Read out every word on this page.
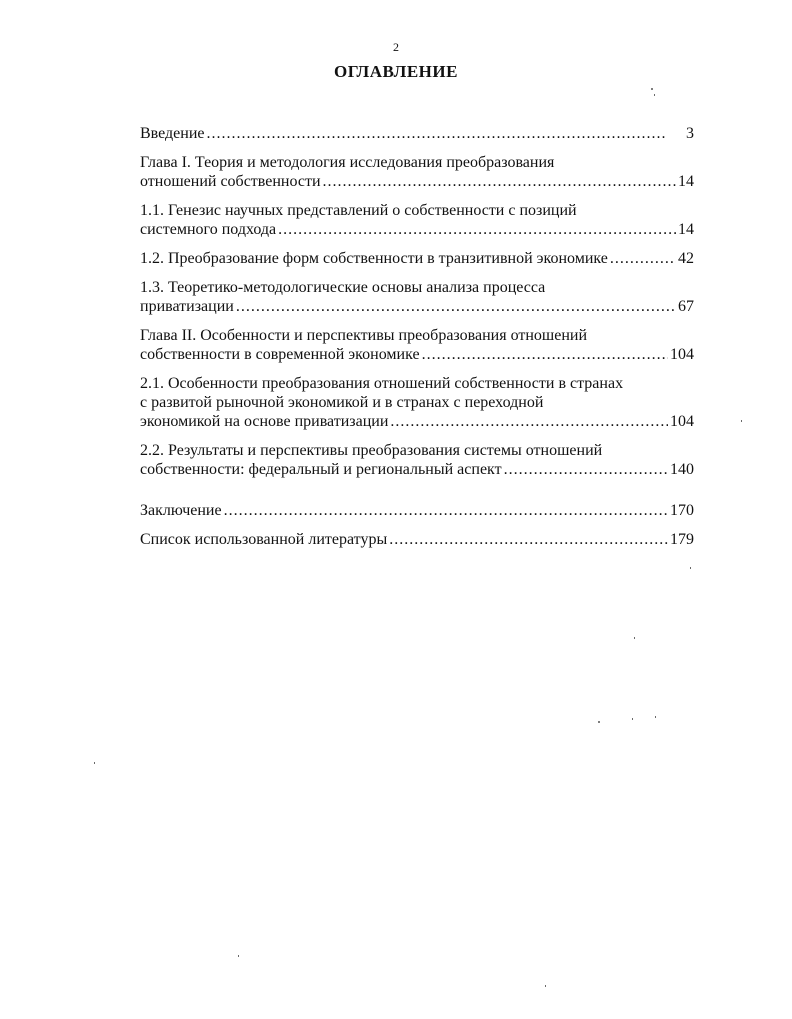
2
ОГЛАВЛЕНИЕ
Введение . . .	3
Глава I. Теория и методология исследования преобразования
отношений собственности . . .	14
1.1. Генезис научных представлений о собственности с позиций
системного подхода . . .	14
1.2. Преобразование форм собственности в транзитивной экономике . . .	42
1.3. Теоретико-методологические основы анализа процесса
приватизации . . .	67
Глава II. Особенности и перспективы преобразования отношений
собственности в современной экономике . . .	104
2.1. Особенности преобразования отношений собственности в странах
с развитой рыночной экономикой и в странах с переходной
экономикой на основе приватизации . . .	104
2.2. Результаты и перспективы преобразования системы отношений
собственности: федеральный и региональный аспект . . .	140
Заключение . . .	170
Список использованной литературы . . .	179
